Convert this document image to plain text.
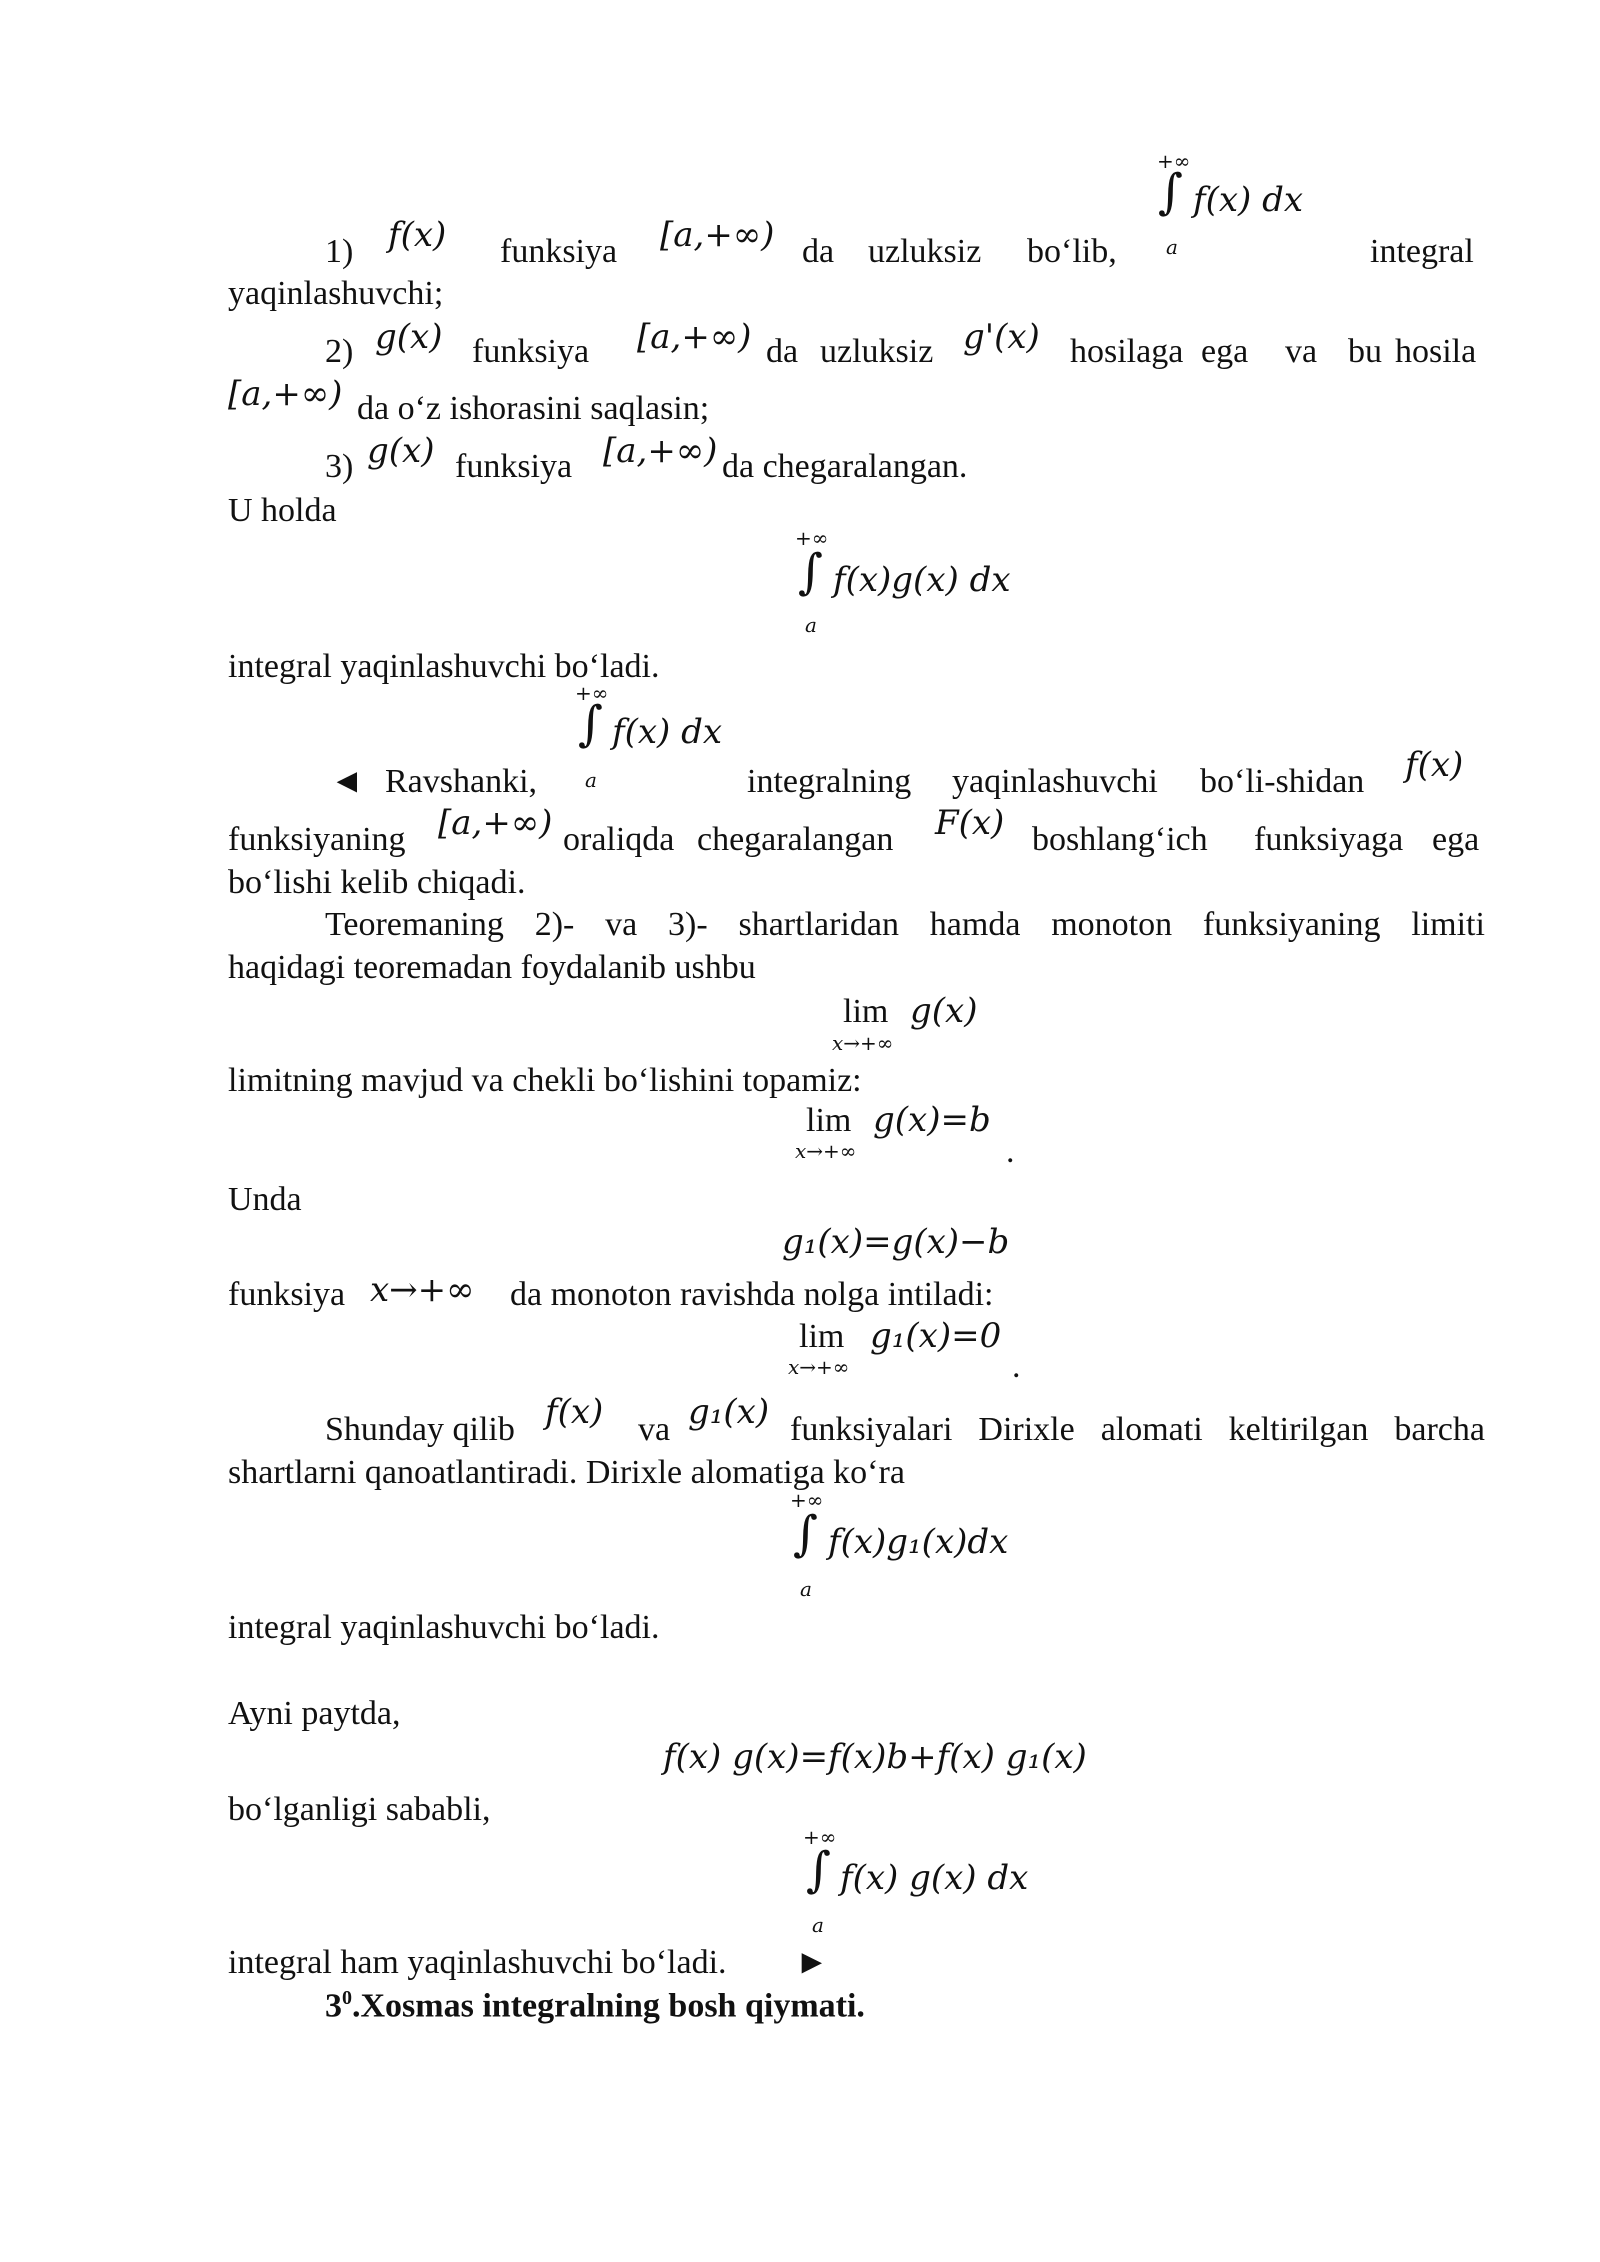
+∞
∫ f(x) dx
a
1) f(x) funksiya [a,+∞) da uzluksiz bo‘lib,	integral
yaqinlashuvchi;
2) g(x) funksiya [a,+∞) da uzluksiz g'(x) hosilaga ega va bu hosila
[a,+∞) da o‘z ishorasini saqlasin;
3) g(x) funksiya [a,+∞) da chegaralangan.
U holda
+∞
∫ f(x)g(x) dx
a
integral yaqinlashuvchi bo‘ladi.
+∞
∫ f(x) dx
a
◄ Ravshanki,	integralning yaqinlashuvchi bo‘li-shidan f(x)
funksiyaning [a,+∞) oraliqda chegaralangan F(x) boshlang‘ich funksiyaga ega
bo‘lishi kelib chiqadi.
Teoremaning 2)- va 3)- shartlaridan hamda monoton funksiyaning limiti
haqidagi teoremadan foydalanib ushbu
lim g(x)
x→+∞
limitning mavjud va chekli bo‘lishini topamiz:
lim g(x)=b
x→+∞	.
Unda
g₁(x)=g(x)−b
funksiya x→+∞ da monoton ravishda nolga intiladi:
lim g₁(x)=0
x→+∞	.
Shunday qilib f(x) va g₁(x) funksiyalari Dirixle alomati keltirilgan barcha
shartlarni qanoatlantiradi. Dirixle alomatiga ko‘ra
+∞
∫ f(x)g₁(x)dx
a
integral yaqinlashuvchi bo‘ladi.
Ayni paytda,
f(x) g(x)=f(x)b+f(x) g₁(x)
bo‘lganligi sababli,
+∞
∫ f(x) g(x) dx
a
integral ham yaqinlashuvchi bo‘ladi. ►
$3^0.Xosmas$ integralning bosh qiymati.
